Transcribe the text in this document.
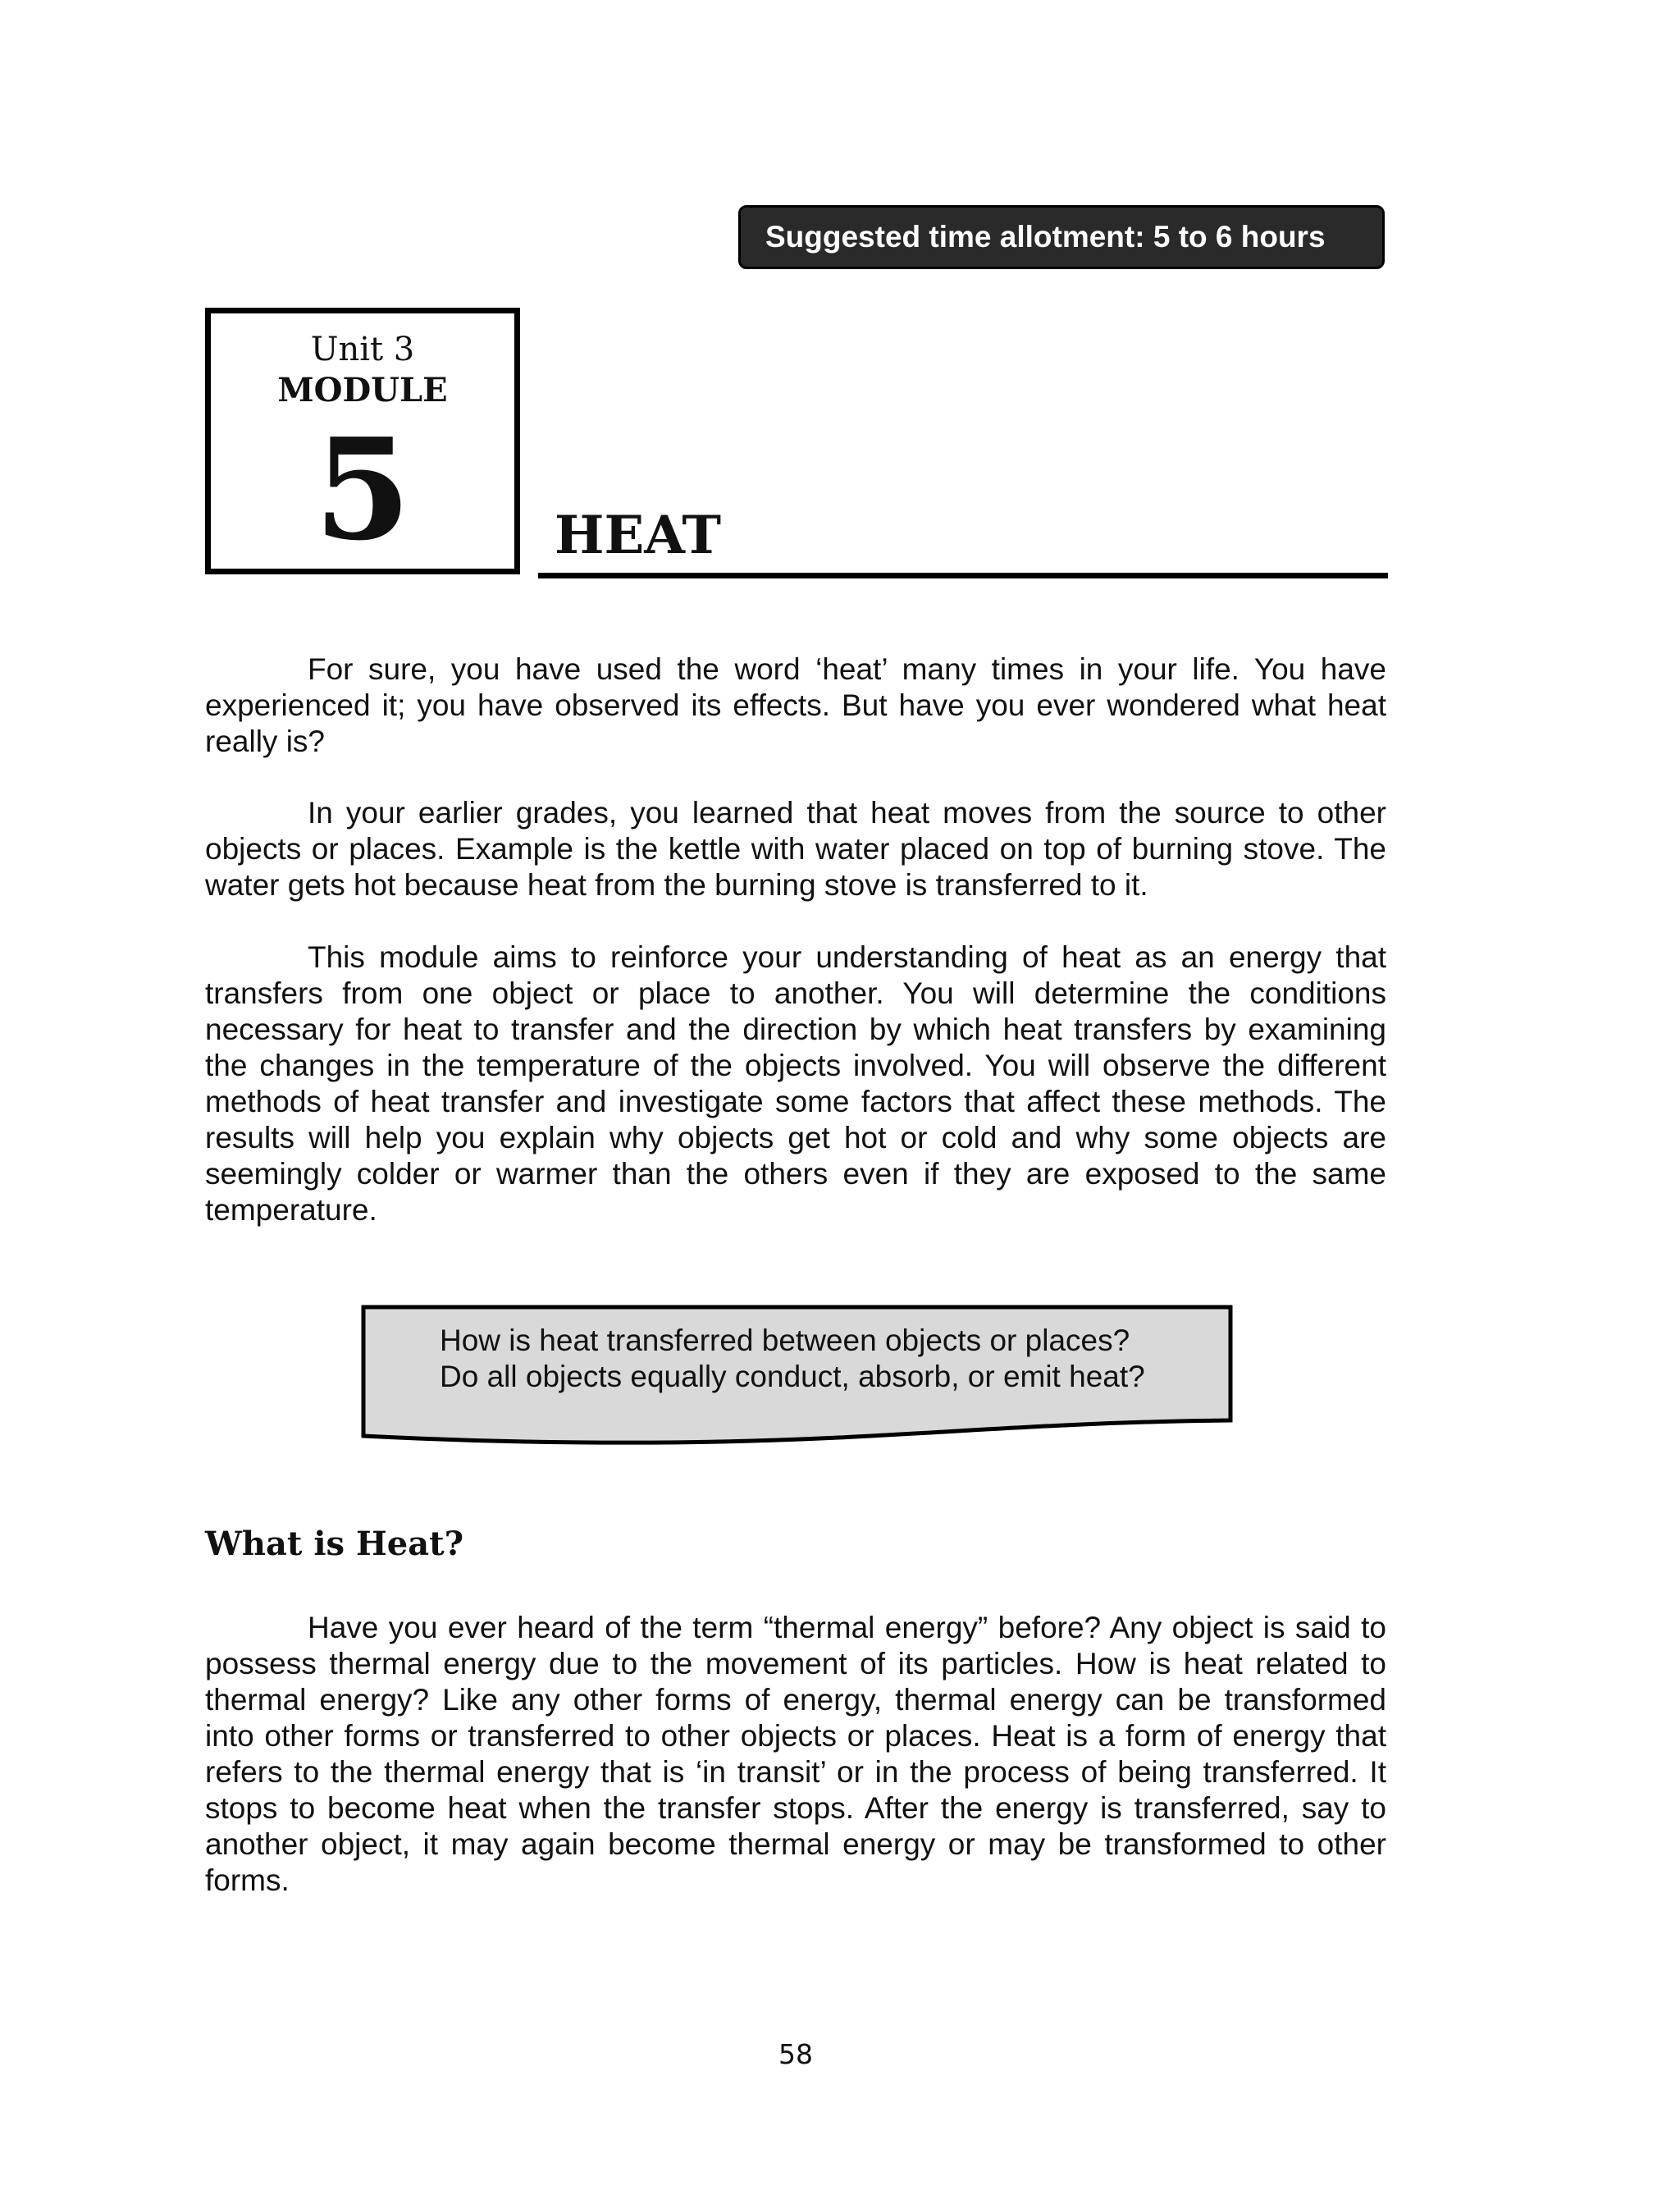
Suggested time allotment: 5 to 6 hours
Unit 3
MODULE
5	HEAT

For sure, you have used the word ‘heat’ many times in your life. You have experienced it; you have observed its effects. But have you ever wondered what heat really is?

In your earlier grades, you learned that heat moves from the source to other objects or places. Example is the kettle with water placed on top of burning stove. The water gets hot because heat from the burning stove is transferred to it.

This module aims to reinforce your understanding of heat as an energy that transfers from one object or place to another. You will determine the conditions necessary for heat to transfer and the direction by which heat transfers by examining the changes in the temperature of the objects involved. You will observe the different methods of heat transfer and investigate some factors that affect these methods. The results will help you explain why objects get hot or cold and why some objects are seemingly colder or warmer than the others even if they are exposed to the same temperature.

How is heat transferred between objects or places?
Do all objects equally conduct, absorb, or emit heat?
What is Heat?

Have you ever heard of the term “thermal energy” before? Any object is said to possess thermal energy due to the movement of its particles. How is heat related to thermal energy? Like any other forms of energy, thermal energy can be transformed into other forms or transferred to other objects or places. Heat is a form of energy that refers to the thermal energy that is ‘in transit’ or in the process of being transferred. It stops to become heat when the transfer stops. After the energy is transferred, say to another object, it may again become thermal energy or may be transformed to other forms.

58
